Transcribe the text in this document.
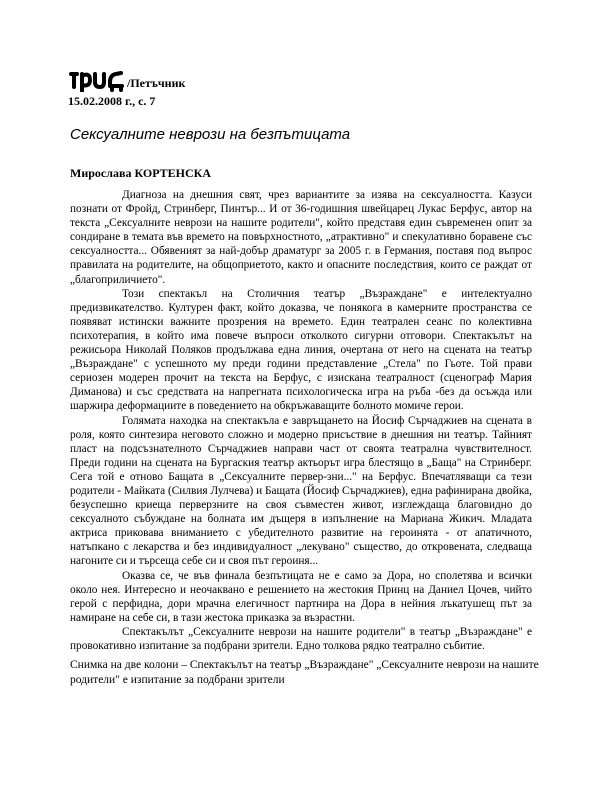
/Петъчник
15.02.2008 г., с. 7
Сексуалните неврози на безпътицата
Мирослава КОРТЕНСКА

Диагноза на днешния свят, чрез вариантите за изява на сексуалността. Казуси познати от Фройд, Стринберг, Пинтър... И от 36-годишния швейцарец Лукас Берфус, автор на текста „Сексуалните неврози на нашите родители", който представя един съвременен опит за сондиране в темата във времето на повърхностното, „атрактивно" и спекулативно боравене със сексуалността... Обявеният за най-добър драматург за 2005 г. в Германия, поставя под въпрос правилата на родителите, на общоприетото, както и опасните последствия, които се раждат от „благоприличието".

Този спектакъл на Столичния театър „Възраждане" е интелектуално предизвикателство. Културен факт, който доказва, че понякога в камерните пространства се появяват истински важните прозрения на времето. Един театрален сеанс по колективна психотерапия, в който има повече въпроси отколкото сигурни отговори. Спектакълът на режисьора Николай Поляков продължава една линия, очертана от него на сцената на театър „Възраждане" с успешното му преди години представление „Стела" по Гьоте. Той прави сериозен модерен прочит на текста на Берфус, с изискана театралност (сценограф Мария Диманова) и със средствата на напрегната психологическа игра на ръба -без да осъжда или шаржира деформациите в поведението на обкръжаващите болното момиче герои.

Голямата находка на спектакъла е завръщането на Йосиф Сърчаджиев на сцената в роля, която синтезира неговото сложно и модерно присъствие в днешния ни театър. Тайният пласт на подсъзнателното Сърчаджиев направи част от своята театрална чувствителност. Преди години на сцената на Бургаския театър актьорът игра блестящо в „Баща" на Стринберг. Сега той е отново Бащата в „Сексуалните первер-зни..." на Берфус. Впечатляващи са тези родители - Майката (Силвия Лулчева) и Бащата (Йосиф Сърчаджиев), една рафинирана двойка, безуспешно криеща перверзните на своя съвместен живот, изглеждаща благовидно до сексуалното събуждане на болната им дъщеря в изпълнение на Мариана Жикич. Младата актриса приковава вниманието с убедителното развитие на героинята - от апатичното, натъпкано с лекарства и без индивидуалност „лекувано" същество, до откровената, следваща нагоните си и търсеща себе си и своя път героиня...

Оказва се, че във финала безпътицата не е само за Дора, но сполетява и всички около нея. Интересно и неочаквано е решението на жестокия Принц на Даниел Цочев, чийто герой с перфидна, дори мрачна елегичност партнира на Дора в нейния лъкатушещ път за намиране на себе си, в тази жестока приказка за възрастни.

Спектакълът „Сексуалните неврози на нашите родители" в театър „Възраждане" е провокативно изпитание за подбрани зрители. Едно толкова рядко театрално събитие.

Снимка на две колони – Спектакълът на театър „Възраждане" „Сексуалните неврози на нашите родители" е изпитание за подбрани зрители
